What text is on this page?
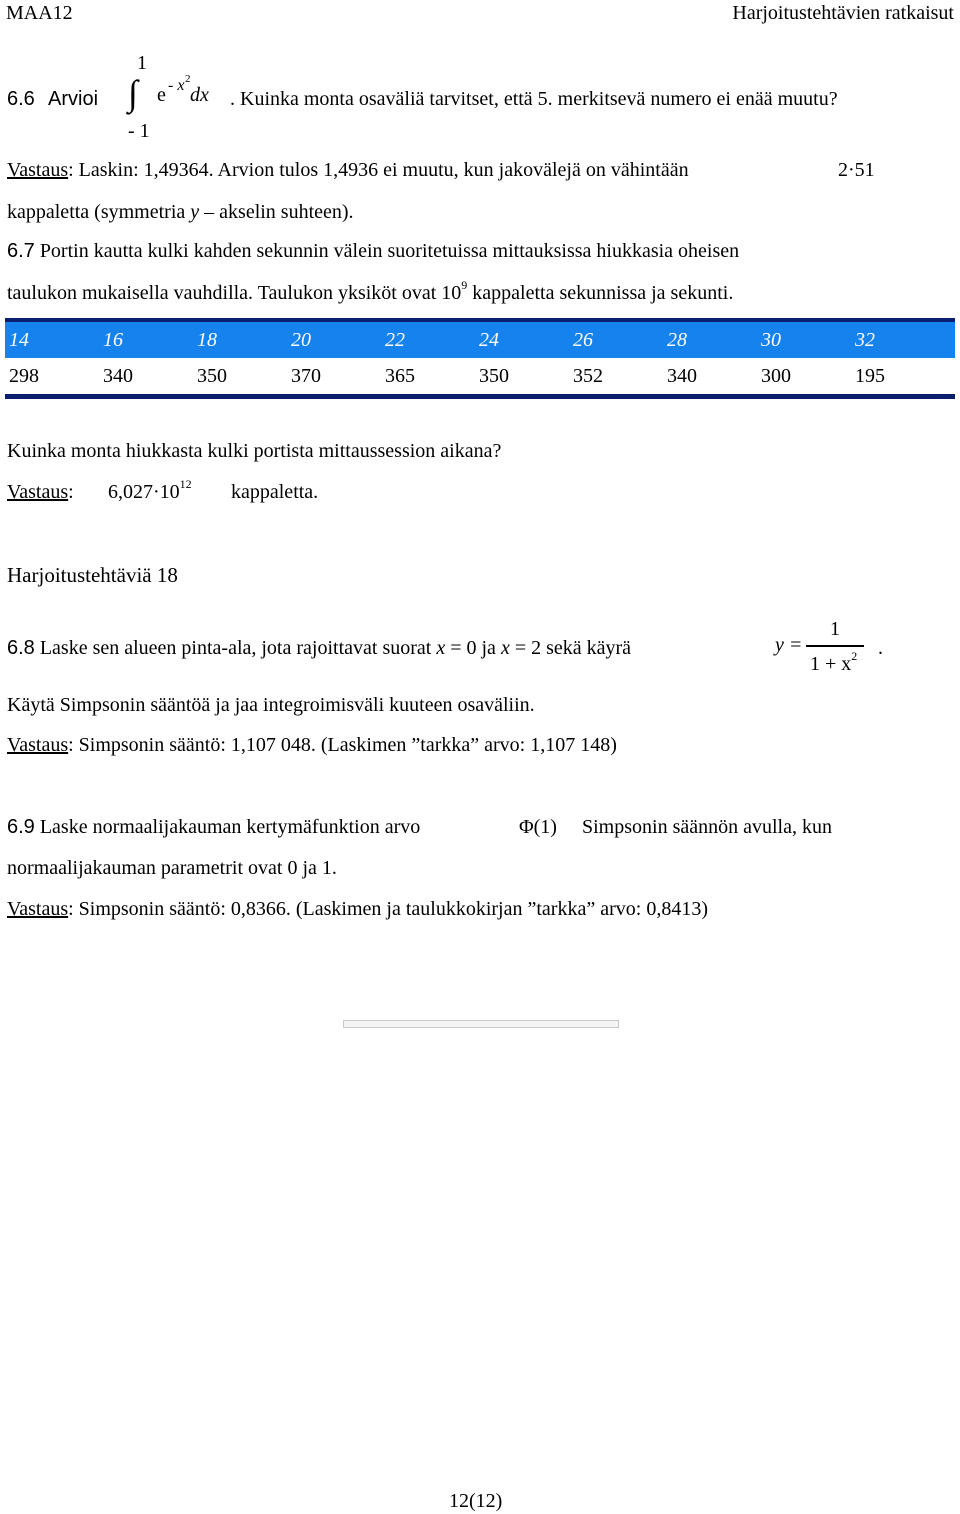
MAA12	Harjoitustehtävien ratkaisut
6.6 Arvioi
1
∫
- 1
e - x 2
dx . Kuinka monta osaväliä tarvitset, että 5. merkitsevä numero ei enää muutu?
Vastaus: Laskin: 1,49364. Arvion tulos 1,4936 ei muutu, kun jakovälejä on vähintään	2·51
kappaletta (symmetria y – akselin suhteen).
6.7 Portin kautta kulki kahden sekunnin välein suoritetuissa mittauksissa hiukkasia oheisen
taulukon mukaisella vauhdilla. Taulukon yksiköt ovat $10^9$ kappaletta sekunnissa ja sekunti.
14	16	18	20	22	24	26	28	30	32
298	340	350	370	365	350	352	340	300	195
Kuinka monta hiukkasta kulki portista mittaussession aikana?
Vastaus: $6,027\cdot 10^{12}$ kappaletta.
Harjoitustehtäviä 18
6.8 Laske sen alueen pinta-ala, jota rajoittavat suorat x = 0 ja x = 2 sekä käyrä	y =
1
$1 + x^2$ .
Käytä Simpsonin sääntöä ja jaa integroimisväli kuuteen osaväliin.
Vastaus: Simpsonin sääntö: 1,107 048. (Laskimen ”tarkka” arvo: 1,107 148)
6.9 Laske normaalijakauman kertymäfunktion arvo	Φ(1) Simpsonin säännön avulla, kun
normaalijakauman parametrit ovat 0 ja 1.
Vastaus: Simpsonin sääntö: 0,8366. (Laskimen ja taulukkokirjan ”tarkka” arvo: 0,8413)
12(12)
